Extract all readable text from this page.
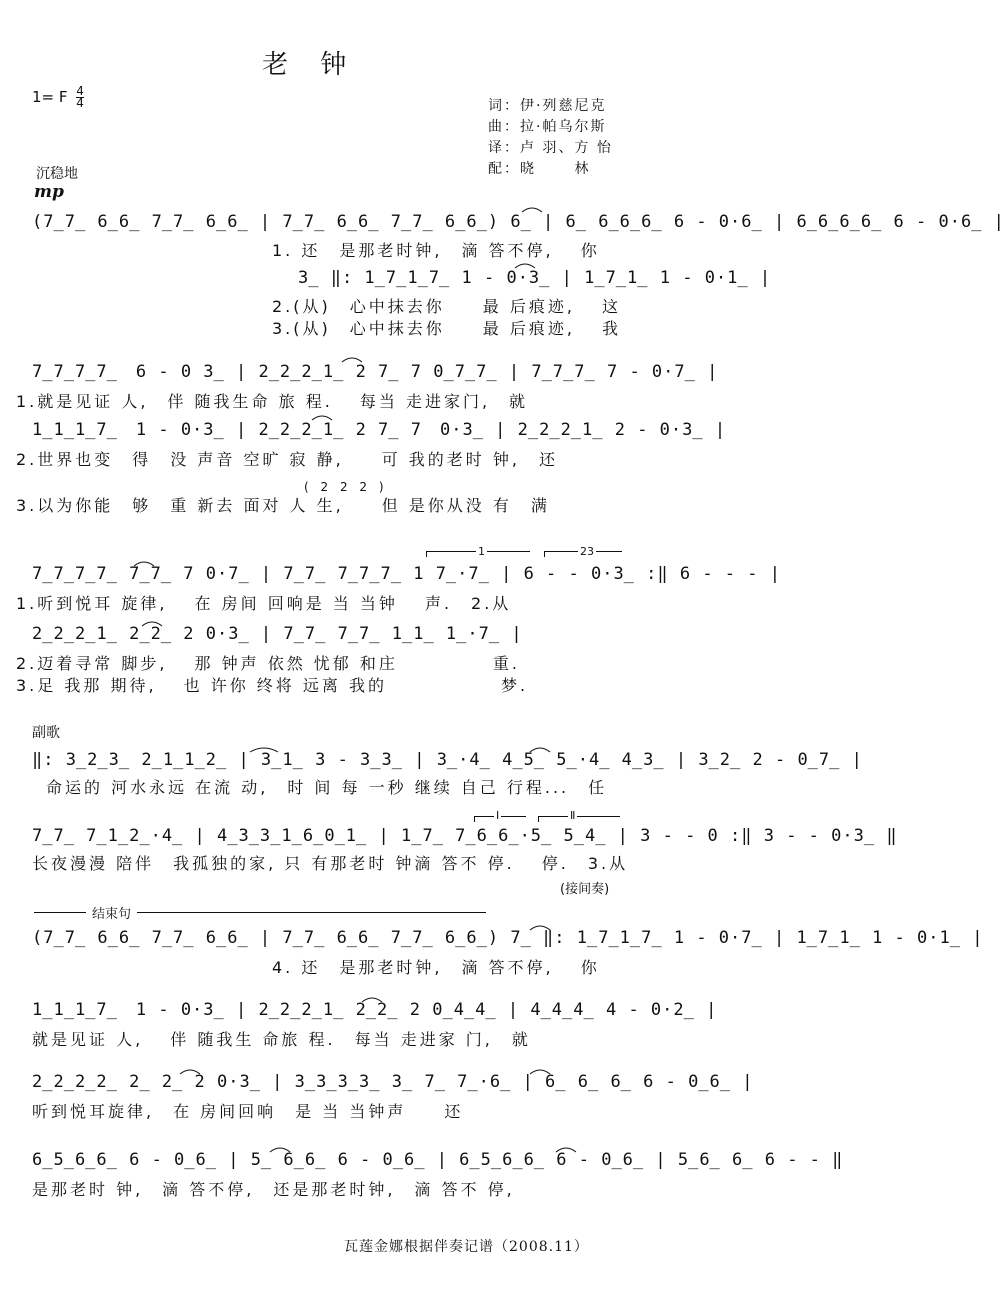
老 钟
1= F $\frac{4}{4}$	词：伊·列慈尼克
曲：拉·帕乌尔斯
译：卢 羽、方 怡
配：晓　　 林
沉稳地
mp
(7̲7̲ 6̲6̲ 7̲7̲ 6̲6̲ | 7̲7̲ 6̲6̲ 7̲7̲ 6̲6̲) 6̲ | 6̲ 6̲6̲6̲ 6 - 0·6̲ | 6̲6̲6̲6̲ 6 - 0·6̲ |
1. 还　是那老时钟,　滴 答不停,　 你
3̲ ‖: 1̲7̲1̲7̲ 1 - 0·3̲ | 1̲7̲1̲ 1 - 0·1̲ |
2.(从)　心中抹去你　　最 后痕迹,　 这
3.(从)　心中抹去你　　最 后痕迹,　 我
7̲7̲7̲7̲　6 - 0 3̲ | 2̲2̲2̲1̲ 2 7̲ 7 0̲7̲7̲ | 7̲7̲7̲ 7 - 0·7̲ |
1.就是见证 人,　伴 随我生命 旅 程.　 每当 走进家门,　就
1̲1̲1̲7̲　1 - 0·3̲ | 2̲2̲2̲1̲ 2 7̲ 7　0·3̲ | 2̲2̲2̲1̲ 2 - 0·3̲ |
2.世界也变　得　没 声音 空旷 寂 静,　　可 我的老时 钟,　还
( 2 2 2 )
3.以为你能　够　重 新去 面对 人 生,　　但 是你从没 有　满
1	23
7̲7̲7̲7̲ 7̲7̲ 7 0·7̲ | 7̲7̲ 7̲7̲7̲ 1 7̲·7̲ | 6 - - 0·3̲ :‖ 6 - - - |
1.听到悦耳 旋律,　 在 房间 回响是 当 当钟　 声.　2.从
2̲2̲2̲1̲ 2̲2̲ 2 0·3̲ | 7̲7̲ 7̲7̲ 1̲1̲ 1̲·7̲ |
2.迈着寻常 脚步,　 那 钟声 依然 忧郁 和庄　　　　　重.
3.足 我那 期待,　 也 许你 终将 远离 我的　　　　　　梦.
副歌
‖: 3̲2̲3̲ 2̲1̲1̲2̲ | 3̲1̲ 3 - 3̲3̲ | 3̲·4̲ 4̲5̲ 5̲·4̲ 4̲3̲ | 3̲2̲ 2 - 0̲7̲ |
命运的 河水永远 在流 动,　时 间 每 一秒 继续 自己 行程...　任
Ⅰ	Ⅱ
7̲7̲ 7̲1̲2̲·4̲ | 4̲3̲3̲1̲6̲0̲1̲ | 1̲7̲ 7̲6̲6̲·5̲ 5̲4̲ | 3 - - 0 :‖ 3 - - 0·3̲ ‖
长夜漫漫 陪伴　我孤独的家, 只 有那老时 钟滴 答不 停.　 停.　3.从
(接间奏)
结束句
(7̲7̲ 6̲6̲ 7̲7̲ 6̲6̲ | 7̲7̲ 6̲6̲ 7̲7̲ 6̲6̲) 7̲ ‖: 1̲7̲1̲7̲ 1 - 0·7̲ | 1̲7̲1̲ 1 - 0·1̲ |
4. 还　是那老时钟,　滴 答不停,　 你
1̲1̲1̲7̲　1 - 0·3̲ | 2̲2̲2̲1̲ 2̲2̲ 2 0̲4̲4̲ | 4̲4̲4̲ 4 - 0·2̲ |
就是见证 人,　 伴 随我生 命旅 程.　每当 走进家 门,　就
2̲2̲2̲2̲ 2̲ 2̲ 2 0·3̲ | 3̲3̲3̲3̲ 3̲ 7̲ 7̲·6̲ | 6̲ 6̲ 6̲ 6 - 0̲6̲ |
听到悦耳旋律,　在 房间回响　是 当 当钟声　　还
6̲5̲6̲6̲ 6 - 0̲6̲ | 5̲ 6̲6̲ 6 - 0̲6̲ | 6̲5̲6̲6̲ 6 - 0̲6̲ | 5̲6̲ 6̲ 6 - - ‖
是那老时 钟,　滴 答不停,　还是那老时钟,　滴 答不 停,
瓦莲金娜根据伴奏记谱（2008.11）
